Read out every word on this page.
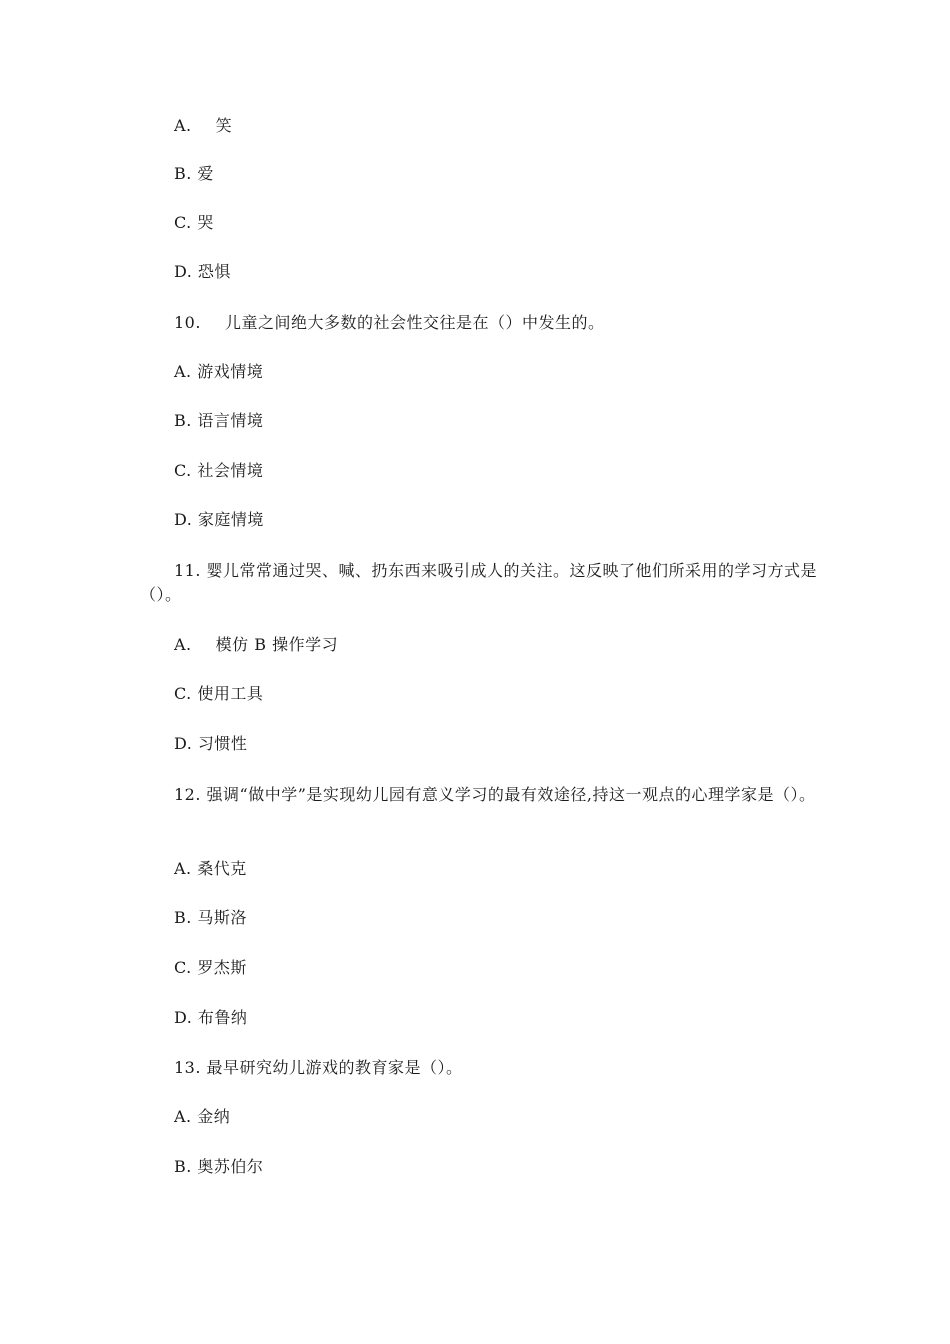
A. 笑
B. 爱
C. 哭
D. 恐惧
10. 儿童之间绝大多数的社会性交往是在（）中发生的。
A. 游戏情境
B. 语言情境
C. 社会情境
D. 家庭情境
11. 婴儿常常通过哭、喊、扔东西来吸引成人的关注。这反映了他们所采用的学习方式是（）。
A. 模仿 B 操作学习
C. 使用工具
D. 习惯性
12. 强调“做中学”是实现幼儿园有意义学习的最有效途径,持这一观点的心理学家是（）。
A. 桑代克
B. 马斯洛
C. 罗杰斯
D. 布鲁纳
13. 最早研究幼儿游戏的教育家是（）。
A. 金纳
B. 奥苏伯尔
